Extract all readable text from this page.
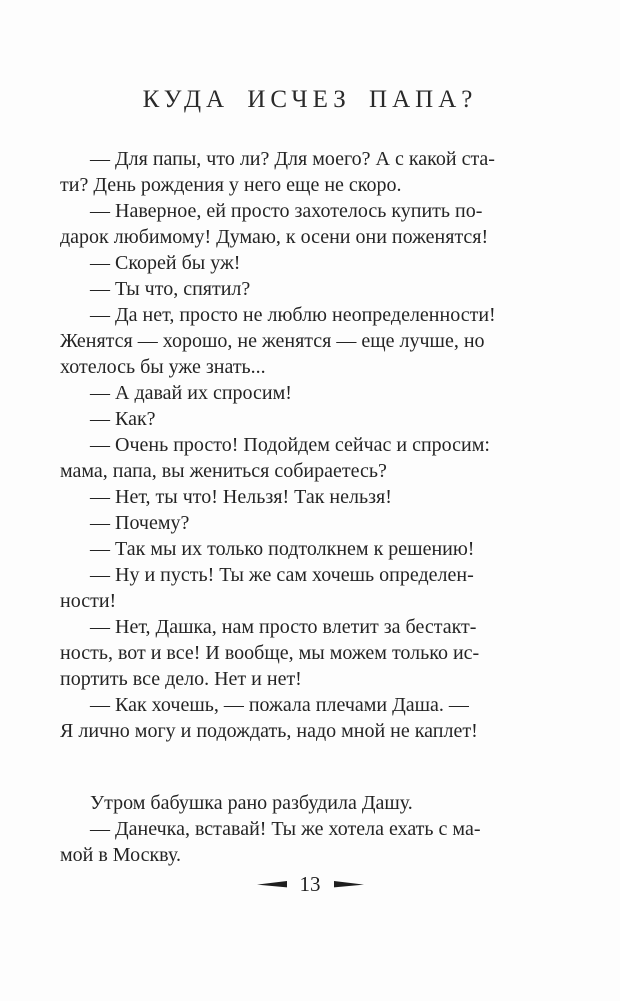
КУДА ИСЧЕЗ ПАПА?
— Для папы, что ли? Для моего? А с какой ста-
ти? День рождения у него еще не скоро.
— Наверное, ей просто захотелось купить по-
дарок любимому! Думаю, к осени они поженятся!
— Скорей бы уж!
— Ты что, спятил?
— Да нет, просто не люблю неопределенности!
Женятся — хорошо, не женятся — еще лучше, но
хотелось бы уже знать...
— А давай их спросим!
— Как?
— Очень просто! Подойдем сейчас и спросим:
мама, папа, вы жениться собираетесь?
— Нет, ты что! Нельзя! Так нельзя!
— Почему?
— Так мы их только подтолкнем к решению!
— Ну и пусть! Ты же сам хочешь определен-
ности!
— Нет, Дашка, нам просто влетит за бестакт-
ность, вот и все! И вообще, мы можем только ис-
портить все дело. Нет и нет!
— Как хочешь, — пожала плечами Даша. —
Я лично могу и подождать, надо мной не каплет!
Утром бабушка рано разбудила Дашу.
— Данечка, вставай! Ты же хотела ехать с ма-
мой в Москву.
13
